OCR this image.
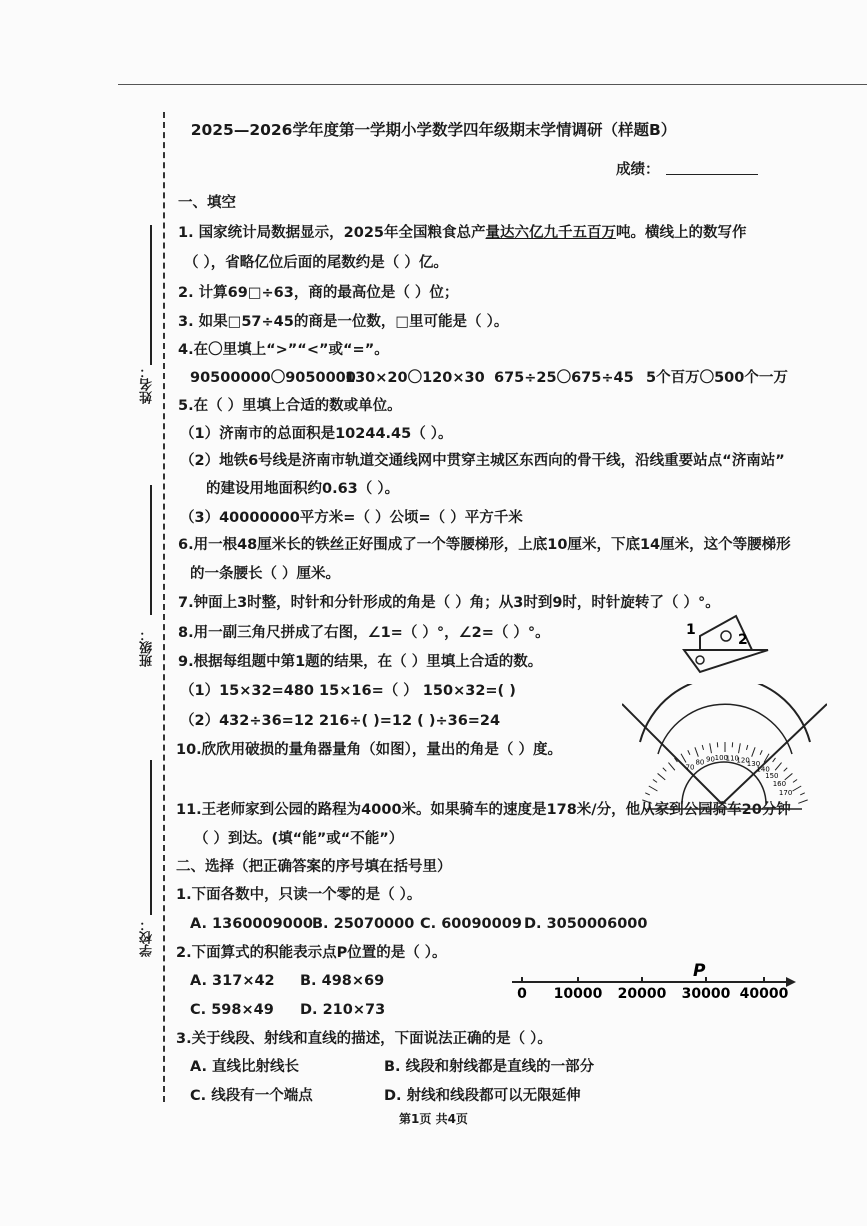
姓名：
班级：
学校：
2025—2026学年度第一学期小学数学四年级期末学情调研（样题B）
成绩：
一、填空
1. 国家统计局数据显示，2025年全国粮食总产量达六亿九千五百万吨。横线上的数写作
（ ），省略亿位后面的尾数约是（ ）亿。
2. 计算69□÷63，商的最高位是（ ）位；
3. 如果□57÷45的商是一位数，□里可能是（ ）。
4.在〇里填上“>”“<”或“=”。
90500000〇9050000
130×20〇120×30 675÷25〇675÷45 5个百万〇500个一万
5.在（ ）里填上合适的数或单位。
（1）济南市的总面积是10244.45（ ）。
（2）地铁6号线是济南市轨道交通线网中贯穿主城区东西向的骨干线，沿线重要站点“济南站”
的建设用地面积约0.63（ ）。
（3）40000000平方米=（ ）公顷=（ ）平方千米
6.用一根48厘米长的铁丝正好围成了一个等腰梯形，上底10厘米，下底14厘米，这个等腰梯形
的一条腰长（ ）厘米。
7.钟面上3时整，时针和分针形成的角是（ ）角；从3时到9时，时针旋转了（ ）°。
8.用一副三角尺拼成了右图，∠1=（ ）°，∠2=（ ）°。
9.根据每组题中第1题的结果，在（ ）里填上合适的数。
（1）15×32=480 15×16=（ ） 150×32=( )
（2）432÷36=12 216÷( )=12 ( )÷36=24
10.欣欣用破损的量角器量角（如图），量出的角是（ ）度。
11.王老师家到公园的路程为4000米。如果骑车的速度是178米/分，他从家到公园骑车20分钟
（ ）到达。(填“能”或“不能”）
二、选择（把正确答案的序号填在括号里）
1.下面各数中，只读一个零的是（ ）。
A. 1360009000 B. 25070000 C. 60090009 D. 3050006000
2.下面算式的积能表示点P位置的是（ ）。
A. 317×42 B. 498×69
C. 598×49 D. 210×73
3.关于线段、射线和直线的描述，下面说法正确的是（ ）。
A. 直线比射线长	B. 线段和射线都是直线的一部分
C. 线段有一个端点	D. 射线和线段都可以无限延伸
1
2
70
80 90 100
110
120
130
140
150
160
170
0 10000 20000 30000 40000
P
第1页 共4页
